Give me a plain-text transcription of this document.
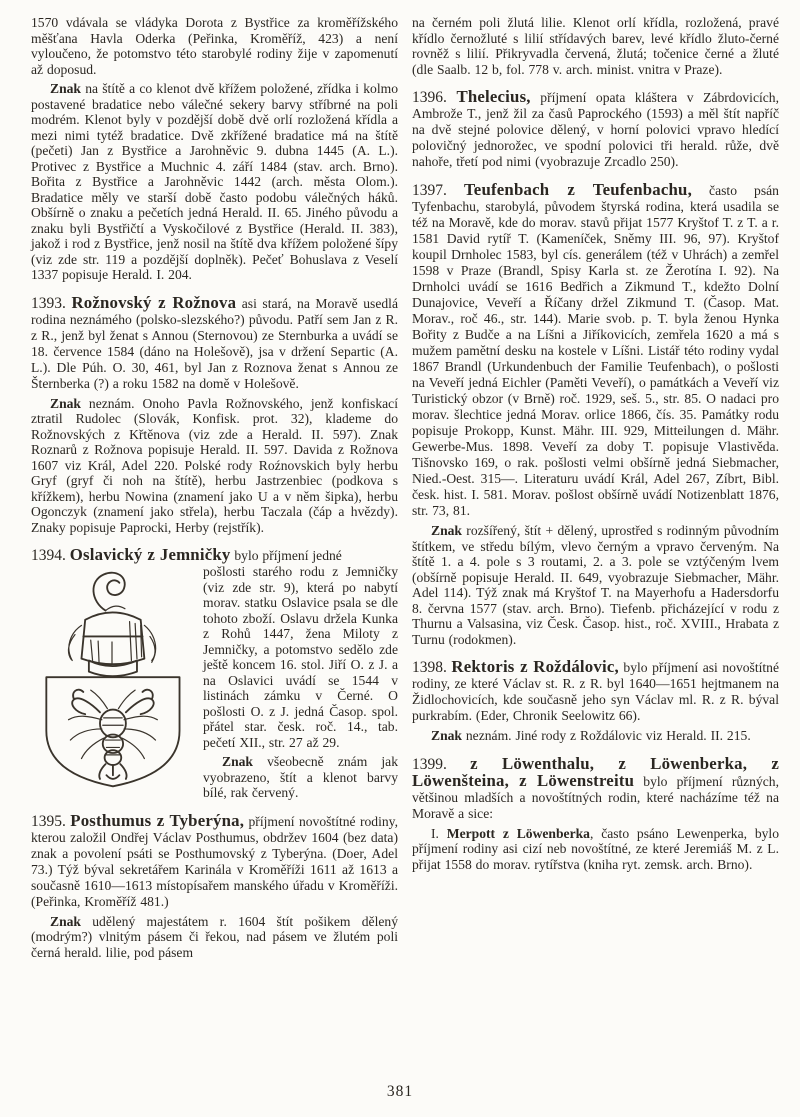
1570 vdávala se vládyka Dorota z Bystřice za kroměřížského měšťana Havla Oderka (Peřinka, Kroměříž, 423) a není vyloučeno, že potomstvo této starobylé rodiny žije v zapomenutí až doposud.

Znak na štítě a co klenot dvě křížem položené, zřídka i kolmo postavené bradatice nebo válečné sekery barvy stříbrné na poli modrém. Klenot byly v pozdější době dvě orlí rozložená křídla a mezi nimi tytéž bradatice. Dvě zkřížené bradatice má na štítě (pečeti) Jan z Bystřice a Jarohněvic 9. dubna 1445 (A. L.). Protivec z Bystřice a Muchnic 4. září 1484 (stav. arch. Brno). Bořita z Bystřice a Jarohněvic 1442 (arch. města Olom.). Bradatice měly ve starší době často podobu válečných háků. Obšírně o znaku a pečetích jedná Herald. II. 65. Jiného původu a znaku byli Bystřičtí a Vyskočilové z Bystřice (Herald. II. 383), jakož i rod z Bystřice, jenž nosil na štítě dva křížem položené šípy (viz zde str. 119 a pozdější doplněk). Pečeť Bohuslava z Veselí 1337 popisuje Herald. I. 204.

1393. Rožnovský z Rožnova asi stará, na Moravě usedlá rodina neznámého (polsko-slezského?) původu. Patří sem Jan z R. z R., jenž byl ženat s Annou (Sternovou) ze Sternburka a uvádí se 18. července 1584 (dáno na Holešově), jsa v držení Separtic (A. L.). Dle Púh. O. 30, 461, byl Jan z Roznova ženat s Annou ze Šternberka (?) a roku 1582 na domě v Holešově.

Znak neznám. Onoho Pavla Rožnovského, jenž konfiskací ztratil Rudolec (Slovák, Konfisk. prot. 32), klademe do Rožnovských z Křtěnova (viz zde a Herald. II. 597). Znak Roznarů z Rožnova popisuje Herald. II. 597. Davida z Rožnova 1607 viz Král, Adel 220. Polské rody Roźnovskich byly herbu Gryf (gryf či noh na štítě), herbu Jastrzenbiec (podkova s křížkem), herbu Nowina (znamení jako U a v něm šipka), herbu Ogonczyk (znamení jako střela), herbu Taczala (čáp a hvězdy). Znaky popisuje Paprocki, Herby (rejstřík).

1394. Oslavický z Jemničky bylo příjmení jedné

pošlosti starého rodu z Jemničky (viz zde str. 9), která po nabytí morav. statku Oslavice psala se dle tohoto zboží. Oslavu držela Kunka z Rohů 1447, žena Miloty z Jemničky, a potomstvo sedělo zde ještě koncem 16. stol. Jiří O. z J. a na Oslavici uvádí se 1544 v listinách zámku v Černé. O pošlosti O. z J. jedná Časop. spol. přátel star. česk. roč. 14., tab. pečetí XII., str. 27 až 29.

Znak všeobecně znám jak vyobrazeno, štít a klenot barvy bílé, rak červený.

1395. Posthumus z Tyberýna, příjmení novoštítné rodiny, kterou založil Ondřej Václav Posthumus, obdržev 1604 (bez data) znak a povolení psáti se Posthumovský z Tyberýna. (Doer, Adel 73.) Týž býval sekretářem Karinála v Kroměříži 1611 až 1613 a současně 1610—1613 místopísařem manského úřadu v Kroměříži. (Peřinka, Kroměříž 481.)

Znak udělený majestátem r. 1604 štít pošikem dělený (modrým?) vlnitým pásem či řekou, nad pásem ve žlutém poli černá herald. lilie, pod pásem

na černém poli žlutá lilie. Klenot orlí křídla, rozložená, pravé křídlo černožluté s lilií střídavých barev, levé křídlo žluto-černé rovněž s lilií. Přikryvadla červená, žlutá; točenice černé a žluté (dle Saalb. 12 b, fol. 778 v. arch. minist. vnitra v Praze).

1396. Thelecius, příjmení opata kláštera v Zábrdovicích, Ambrože T., jenž žil za časů Paprockého (1593) a měl štít napříč na dvě stejné polovice dělený, v horní polovici vpravo hledící polovičný jednorožec, ve spodní polovici tři herald. růže, dvě nahoře, třetí pod nimi (vyobrazuje Zrcadlo 250).

1397. Teufenbach z Teufenbachu, často psán Tyfenbachu, starobylá, původem štyrská rodina, která usadila se též na Moravě, kde do morav. stavů přijat 1577 Kryštof T. z T. a r. 1581 David rytíř T. (Kameníček, Sněmy III. 96, 97). Kryštof koupil Drnholec 1583, byl cís. generálem (též v Uhrách) a zemřel 1598 v Praze (Brandl, Spisy Karla st. ze Žerotína I. 92). Na Drnholci uvádí se 1616 Bedřich a Zikmund T., kdežto Dolní Dunajovice, Veveří a Říčany držel Zikmund T. (Časop. Mat. Morav., roč 46., str. 144). Marie svob. p. T. byla ženou Hynka Bořity z Budče a na Líšni a Jiříkovicích, zemřela 1620 a má s mužem pamětní desku na kostele v Líšni. Listář této rodiny vydal 1867 Brandl (Urkundenbuch der Familie Teufenbach), o pošlosti na Veveří jedná Eichler (Paměti Veveří), o památkách a Veveří viz Turistický obzor (v Brně) roč. 1929, seš. 5., str. 85. O nadaci pro morav. šlechtice jedná Morav. orlice 1866, čís. 35. Památky rodu popisuje Prokopp, Kunst. Mähr. III. 929, Mitteilungen d. Mähr. Gewerbe-Mus. 1898. Veveří za doby T. popisuje Vlastivěda. Tišnovsko 169, o rak. pošlosti velmi obšírně jedná Siebmacher, Nied.-Oest. 315—. Literaturu uvádí Král, Adel 267, Zíbrt, Bibl. česk. hist. I. 581. Morav. pošlost obšírně uvádí Notizenblatt 1876, str. 73, 81.

Znak rozšířený, štít + dělený, uprostřed s rodinným původním štítkem, ve středu bílým, vlevo černým a vpravo červeným. Na štítě 1. a 4. pole s 3 routami, 2. a 3. pole se vztýčeným lvem (obšírně popisuje Herald. II. 649, vyobrazuje Siebmacher, Mähr. Adel 114). Týž znak má Kryštof T. na Mayerhofu a Hadersdorfu 8. června 1577 (stav. arch. Brno). Tiefenb. přicházející v rodu z Thurnu a Valsasina, viz Česk. Časop. hist., roč. XVIII., Hrabata z Turnu (rodokmen).

1398. Rektoris z Roždálovic, bylo příjmení asi novoštítné rodiny, ze které Václav st. R. z R. byl 1640—1651 hejtmanem na Židlochovicích, kde současně jeho syn Václav ml. R. z R. býval purkrabím. (Eder, Chronik Seelowitz 66).

Znak neznám. Jiné rody z Roždálovic viz Herald. II. 215.

1399. z Löwenthalu, z Löwenberka, z Löwenšteina, z Löwenstreitu bylo příjmení různých, většinou mladších a novoštítných rodin, které nacházíme též na Moravě a sice:

I. Merpott z Löwenberka, často psáno Lewenperka, bylo příjmení rodiny asi cizí neb novoštítné, ze které Jeremiáš M. z L. přijat 1558 do morav. rytířstva (kniha ryt. zemsk. arch. Brno).

381
